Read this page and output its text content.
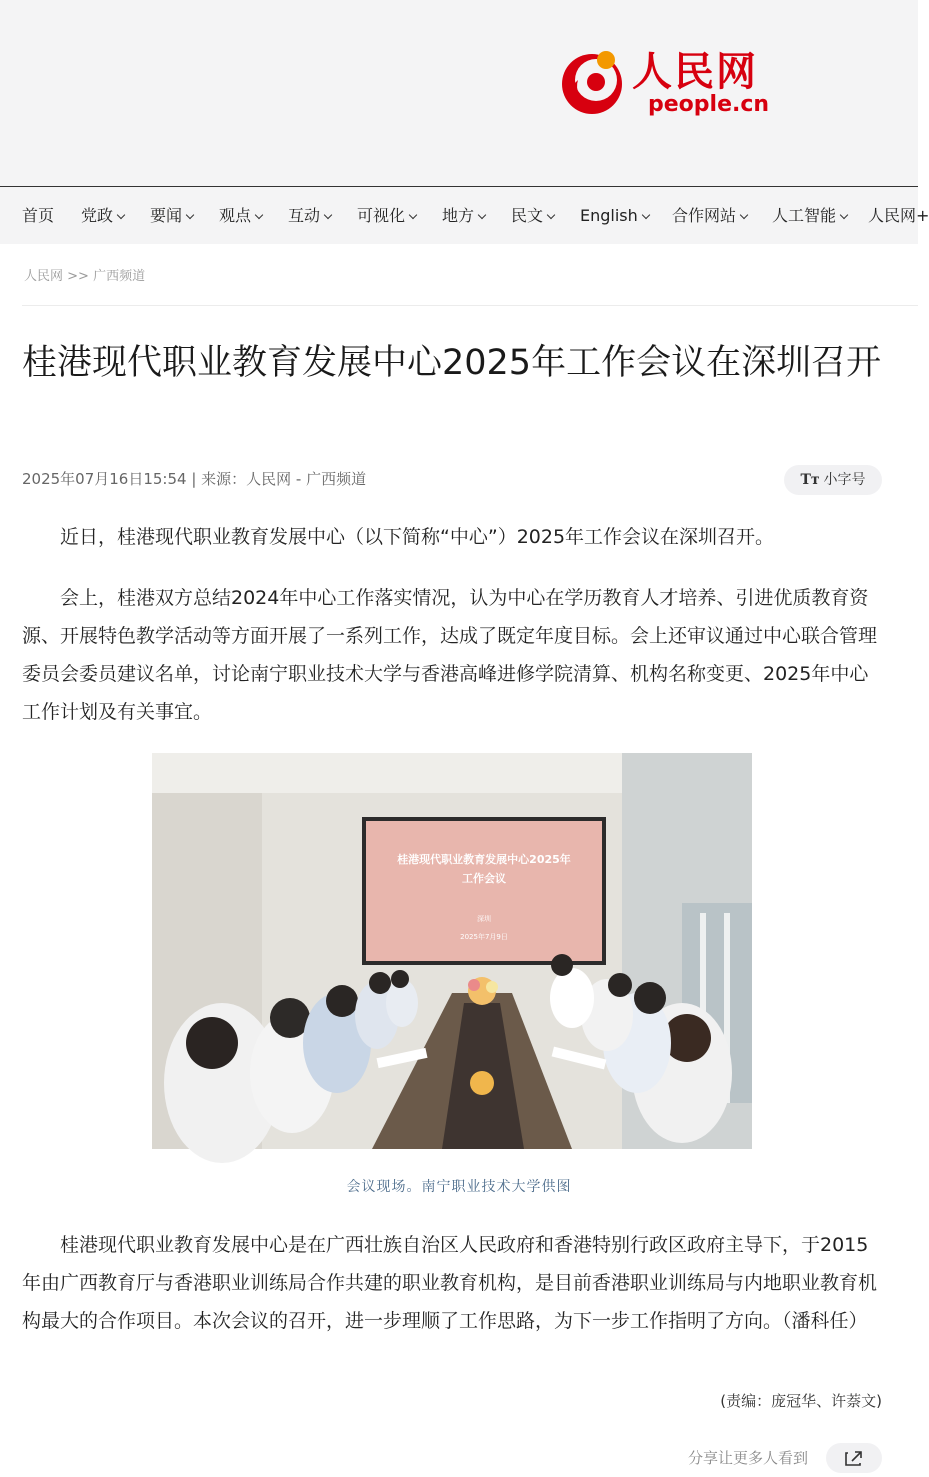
人民网
people.cn
首页 党政	要闻	观点	互动	可视化	地方	民文	English	合作网站	人工智能	人民网+
人民网 >> 广西频道
桂港现代职业教育发展中心2025年工作会议在深圳召开
2025年07月16日15:54 | 来源：人民网 - 广西频道	Tт 小字号

近日，桂港现代职业教育发展中心（以下简称“中心”）2025年工作会议在深圳召开。

会上，桂港双方总结2024年中心工作落实情况，认为中心在学历教育人才培养、引进优质教育资源、开展特色教学活动等方面开展了一系列工作，达成了既定年度目标。会上还审议通过中心联合管理委员会委员建议名单，讨论南宁职业技术大学与香港高峰进修学院清算、机构名称变更、2025年中心工作计划及有关事宜。

桂港现代职业教育发展中心2025年
工作会议
深圳
2025年7月9日
会议现场。南宁职业技术大学供图

桂港现代职业教育发展中心是在广西壮族自治区人民政府和香港特别行政区政府主导下，于2015年由广西教育厅与香港职业训练局合作共建的职业教育机构，是目前香港职业训练局与内地职业教育机构最大的合作项目。本次会议的召开，进一步理顺了工作思路，为下一步工作指明了方向。（潘科任）

(责编：庞冠华、许萘文)
分享让更多人看到
